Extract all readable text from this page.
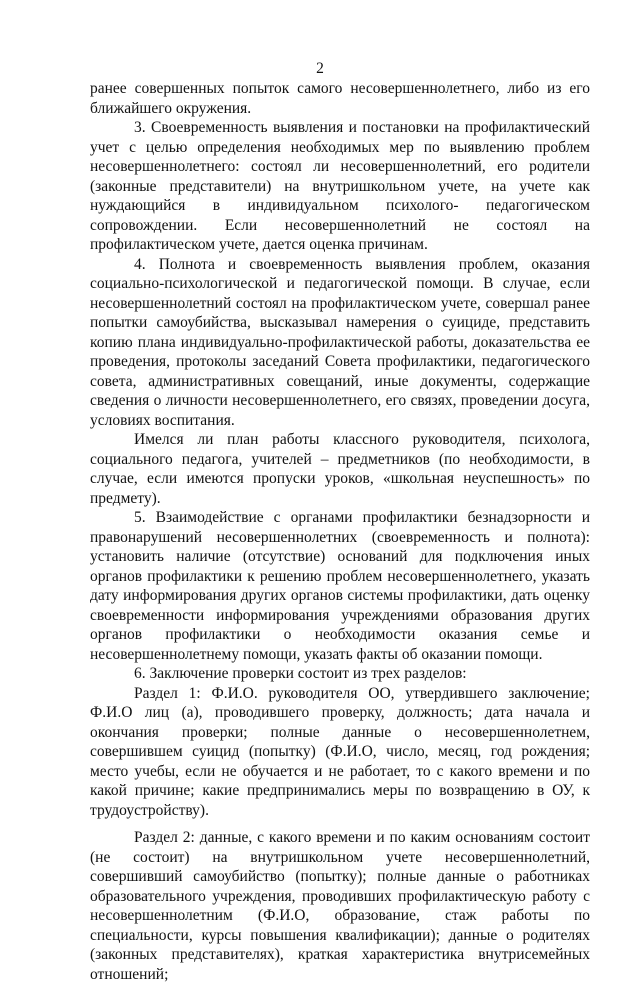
2

ранее совершенных попыток самого несовершеннолетнего, либо из его ближайшего окружения.

3. Своевременность выявления и постановки на профилактический учет с целью определения необходимых мер по выявлению проблем несовершеннолетнего: состоял ли несовершеннолетний, его родители (законные представители) на внутришкольном учете, на учете как нуждающийся в индивидуальном психолого- педагогическом сопровождении. Если несовершеннолетний не состоял на профилактическом учете, дается оценка причинам.

4. Полнота и своевременность выявления проблем, оказания социально-психологической и педагогической помощи. В случае, если несовершеннолетний состоял на профилактическом учете, совершал ранее попытки самоубийства, высказывал намерения о суициде, представить копию плана индивидуально-профилактической работы, доказательства ее проведения, протоколы заседаний Совета профилактики, педагогического совета, административных совещаний, иные документы, содержащие сведения о личности несовершеннолетнего, его связях, проведении досуга, условиях воспитания.

Имелся ли план работы классного руководителя, психолога, социального педагога, учителей – предметников (по необходимости, в случае, если имеются пропуски уроков, «школьная неуспешность» по предмету).

5. Взаимодействие с органами профилактики безнадзорности и правонарушений несовершеннолетних (своевременность и полнота): установить наличие (отсутствие) оснований для подключения иных органов профилактики к решению проблем несовершеннолетнего, указать дату информирования других органов системы профилактики, дать оценку своевременности информирования учреждениями образования других органов профилактики о необходимости оказания семье и несовершеннолетнему помощи, указать факты об оказании помощи.

6. Заключение проверки состоит из трех разделов:

Раздел 1: Ф.И.О. руководителя ОО, утвердившего заключение; Ф.И.О лиц (а), проводившего проверку, должность; дата начала и окончания проверки; полные данные о несовершеннолетнем, совершившем суицид (попытку) (Ф.И.О, число, месяц, год рождения; место учебы, если не обучается и не работает, то с какого времени и по какой причине; какие предпринимались меры по возвращению в ОУ, к трудоустройству).

Раздел 2: данные, с какого времени и по каким основаниям состоит (не состоит) на внутришкольном учете несовершеннолетний, совершивший самоубийство (попытку); полные данные о работниках образовательного учреждения, проводивших профилактическую работу с несовершеннолетним (Ф.И.О, образование, стаж работы по специальности, курсы повышения квалификации); данные о родителях (законных представителях), краткая характеристика внутрисемейных отношений;
